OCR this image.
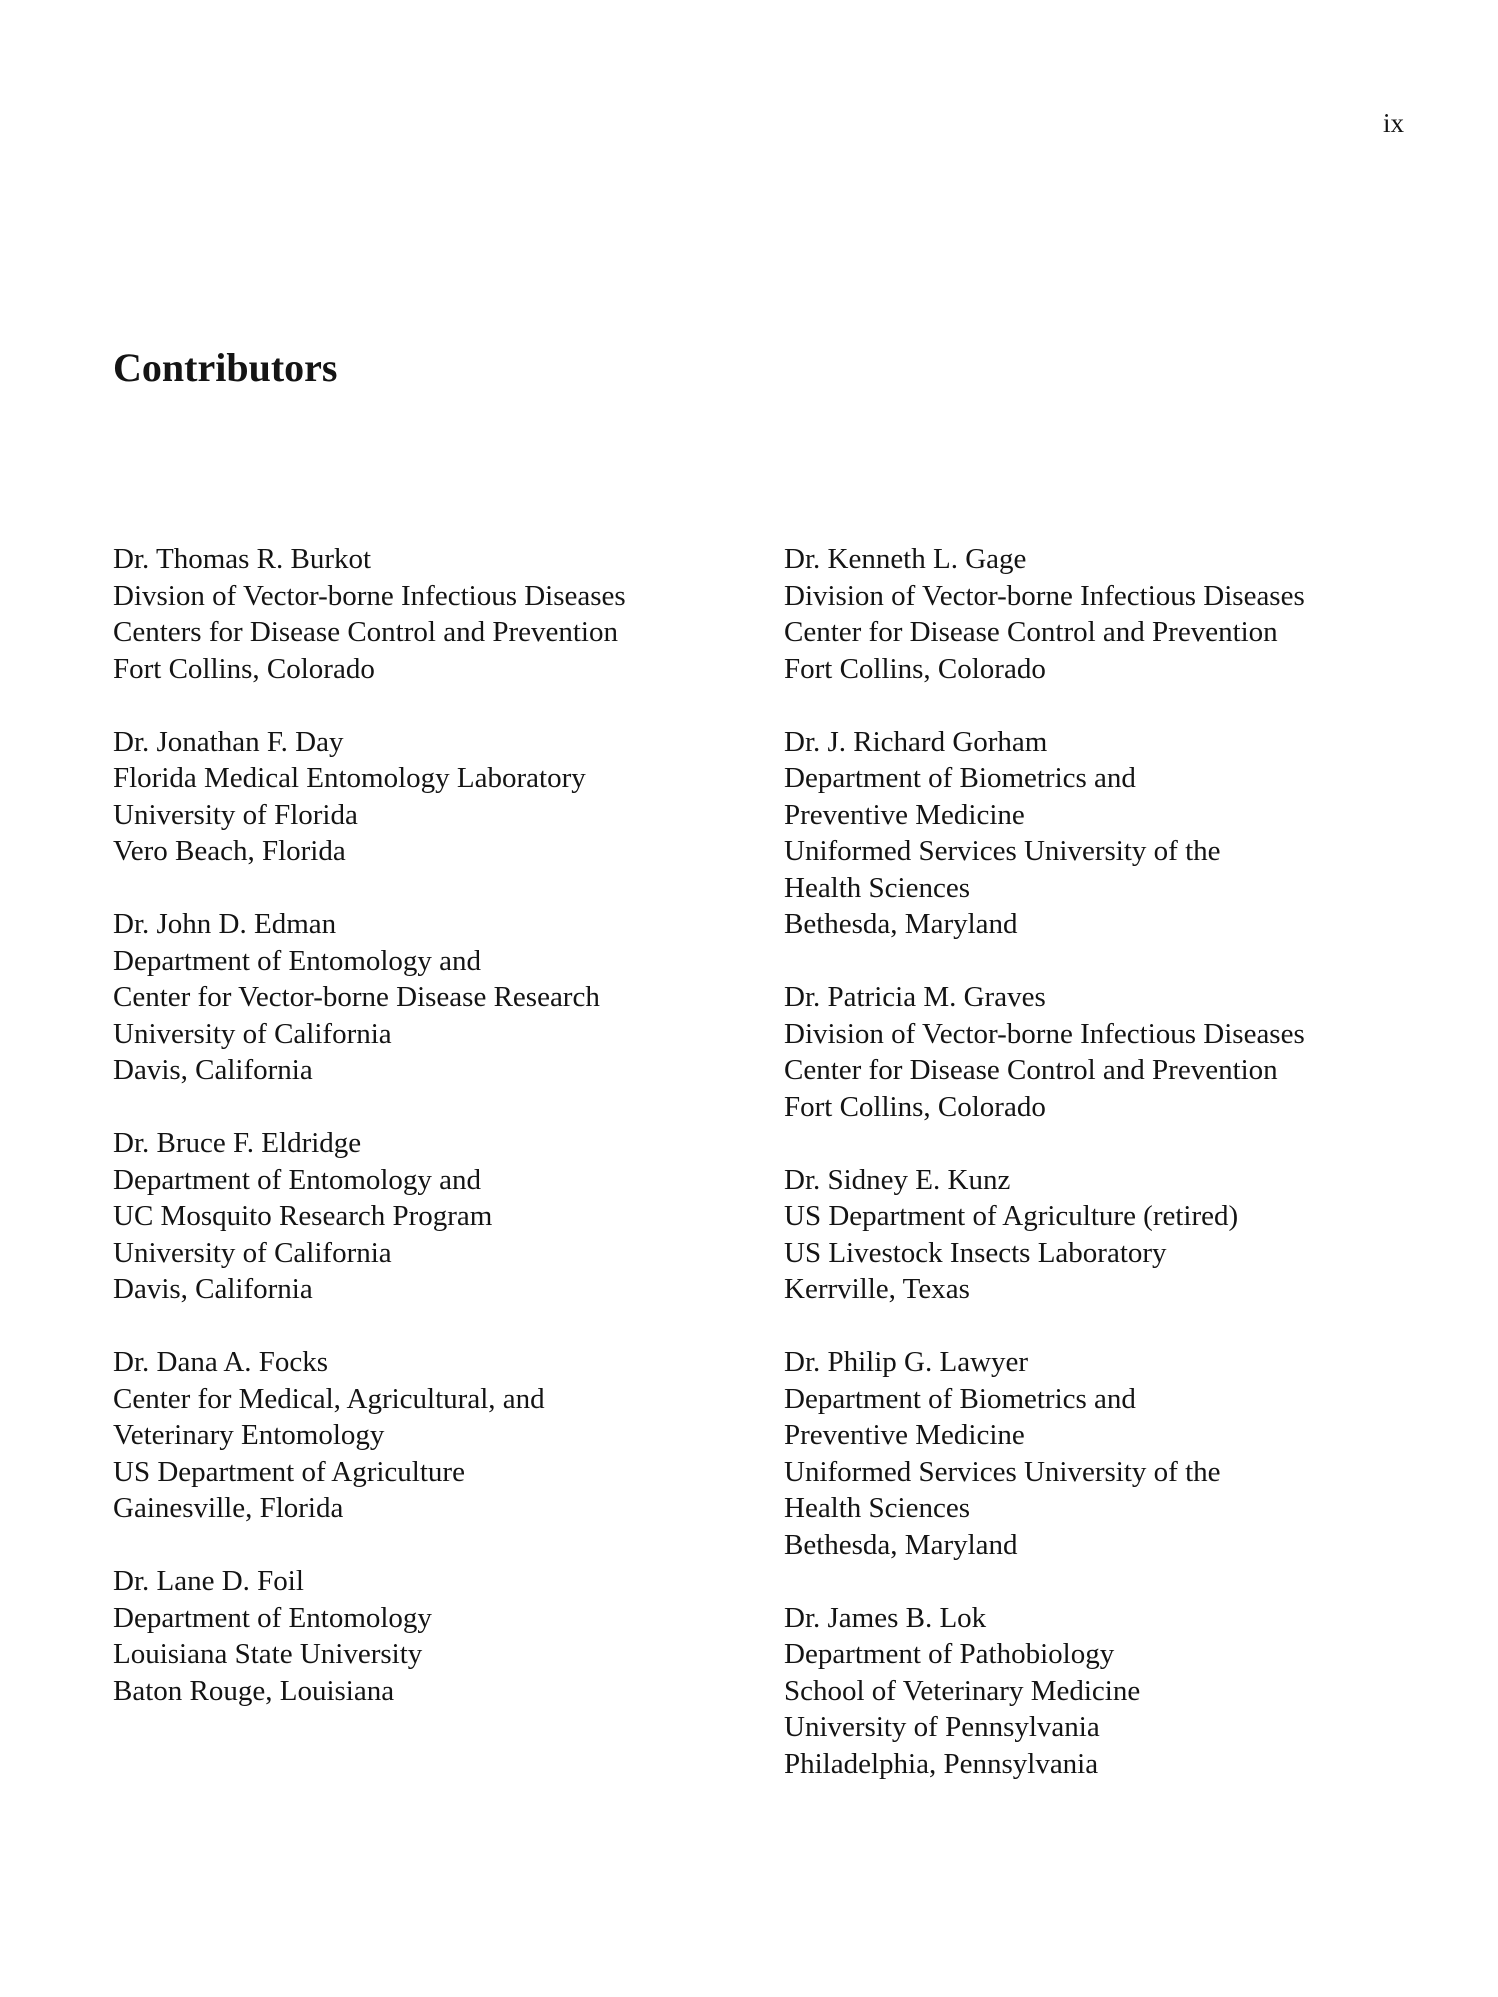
ix
Contributors
Dr. Thomas R. Burkot
Divsion of Vector-borne Infectious Diseases
Centers for Disease Control and Prevention
Fort Collins, Colorado
Dr. Jonathan F. Day
Florida Medical Entomology Laboratory
University of Florida
Vero Beach, Florida
Dr. John D. Edman
Department of Entomology and
Center for Vector-borne Disease Research
University of California
Davis, California
Dr. Bruce F. Eldridge
Department of Entomology and
UC Mosquito Research Program
University of California
Davis, California
Dr. Dana A. Focks
Center for Medical, Agricultural, and
Veterinary Entomology
US Department of Agriculture
Gainesville, Florida
Dr. Lane D. Foil
Department of Entomology
Louisiana State University
Baton Rouge, Louisiana
Dr. Kenneth L. Gage
Division of Vector-borne Infectious Diseases
Center for Disease Control and Prevention
Fort Collins, Colorado
Dr. J. Richard Gorham
Department of Biometrics and
Preventive Medicine
Uniformed Services University of the
Health Sciences
Bethesda, Maryland
Dr. Patricia M. Graves
Division of Vector-borne Infectious Diseases
Center for Disease Control and Prevention
Fort Collins, Colorado
Dr. Sidney E. Kunz
US Department of Agriculture (retired)
US Livestock Insects Laboratory
Kerrville, Texas
Dr. Philip G. Lawyer
Department of Biometrics and
Preventive Medicine
Uniformed Services University of the
Health Sciences
Bethesda, Maryland
Dr. James B. Lok
Department of Pathobiology
School of Veterinary Medicine
University of Pennsylvania
Philadelphia, Pennsylvania
